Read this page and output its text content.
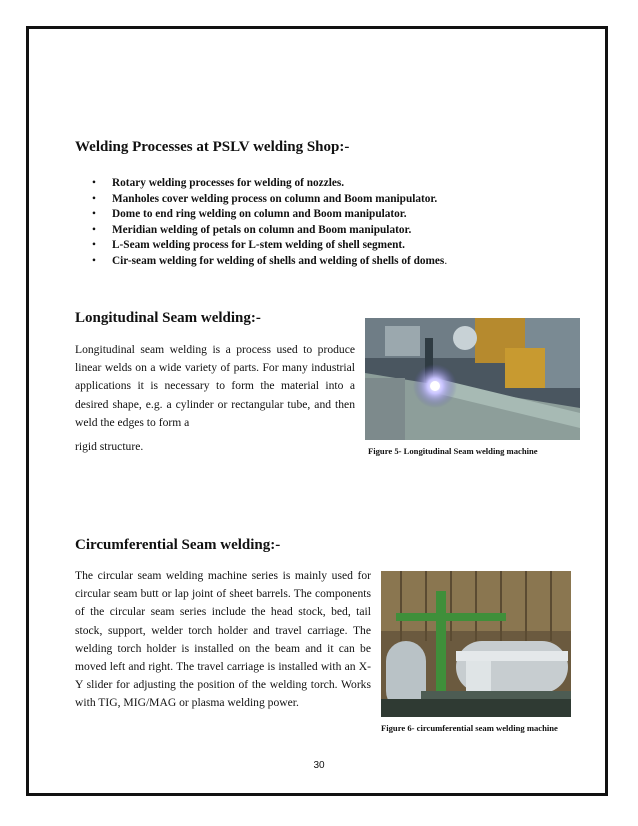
Welding Processes at PSLV welding Shop:-
• Rotary welding processes for welding of nozzles.
• Manholes cover welding process on column and Boom manipulator.
• Dome to end ring welding on column and Boom manipulator.
• Meridian welding of petals on column and Boom manipulator.
• L-Seam welding process for L-stem welding of shell segment.
• Cir-seam welding for welding of shells and welding of shells of domes.
Longitudinal Seam welding:-

Longitudinal seam welding is a process used to produce linear welds on a wide variety of parts. For many industrial applications it is necessary to form the material into a desired shape, e.g. a cylinder or rectangular tube, and then weld the edges to form a

rigid structure.	Figure 5- Longitudinal Seam welding machine
Circumferential Seam welding:-

The circular seam welding machine series is mainly used for circular seam butt or lap joint of sheet barrels. The components of the circular seam series include the head stock, bed, tail stock, support, welder torch holder and travel carriage. The welding torch holder is installed on the beam and it can be moved left and right. The travel carriage is installed with an X-Y slider for adjusting the position of the welding torch. Works with TIG, MIG/MAG or plasma welding power.

Figure 6- circumferential seam welding machine
30
